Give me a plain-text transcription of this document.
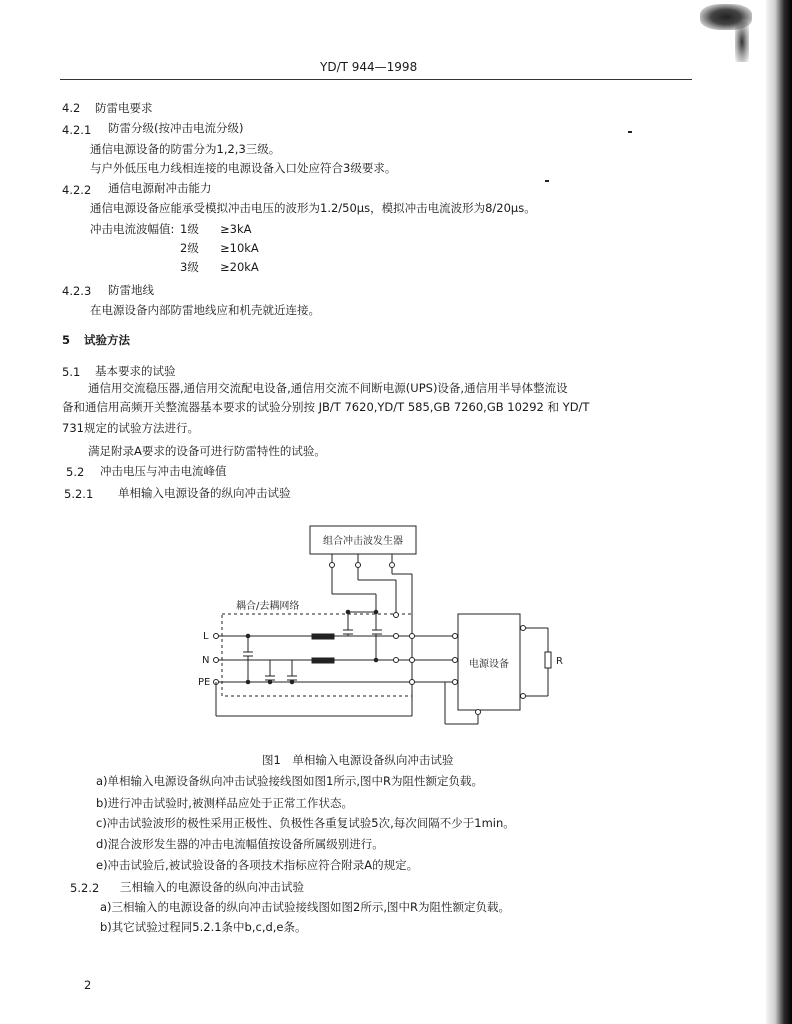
YD/T 944—1998
4.2 防雷电要求
4.2.1 防雷分级(按冲击电流分级)
通信电源设备的防雷分为1,2,3三级。
与户外低压电力线相连接的电源设备入口处应符合3级要求。
4.2.2 通信电源耐冲击能力
通信电源设备应能承受模拟冲击电压的波形为1.2/50μs，模拟冲击电流波形为8/20μs。
冲击电流波幅值: 1级 ≥3kA
2级 ≥10kA
3级 ≥20kA
4.2.3 防雷地线
在电源设备内部防雷地线应和机壳就近连接。
5 试验方法
5.1 基本要求的试验
通信用交流稳压器,通信用交流配电设备,通信用交流不间断电源(UPS)设备,通信用半导体整流设
备和通信用高频开关整流器基本要求的试验分别按 JB/T 7620,YD/T 585,GB 7260,GB 10292 和 YD/T
731规定的试验方法进行。
满足附录A要求的设备可进行防雷特性的试验。
5.2 冲击电压与冲击电流峰值
5.2.1 单相输入电源设备的纵向冲击试验
组合冲击波发生器
耦合/去耦网络
L
N
PE
电源设备	R
图1　单相输入电源设备纵向冲击试验
a)单相输入电源设备纵向冲击试验接线图如图1所示,图中R为阻性额定负载。
b)进行冲击试验时,被测样品应处于正常工作状态。
c)冲击试验波形的极性采用正极性、负极性各重复试验5次,每次间隔不少于1min。
d)混合波形发生器的冲击电流幅值按设备所属级别进行。
e)冲击试验后,被试验设备的各项技术指标应符合附录A的规定。
5.2.2 三相输入的电源设备的纵向冲击试验
a)三相输入的电源设备的纵向冲击试验接线图如图2所示,图中R为阻性额定负载。
b)其它试验过程同5.2.1条中b,c,d,e条。
2
